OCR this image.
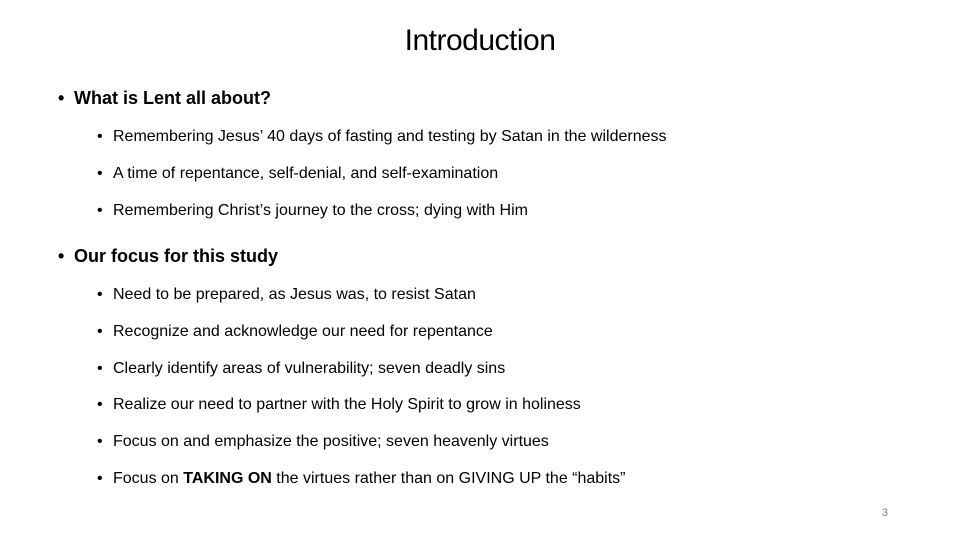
Introduction
• What is Lent all about?
• Remembering Jesus’ 40 days of fasting and testing by Satan in the wilderness
• A time of repentance, self-denial, and self-examination
• Remembering Christ’s journey to the cross; dying with Him
• Our focus for this study
• Need to be prepared, as Jesus was, to resist Satan
• Recognize and acknowledge our need for repentance
• Clearly identify areas of vulnerability; seven deadly sins
• Realize our need to partner with the Holy Spirit to grow in holiness
• Focus on and emphasize the positive; seven heavenly virtues
• Focus on TAKING ON the virtues rather than on GIVING UP the “habits”
3
